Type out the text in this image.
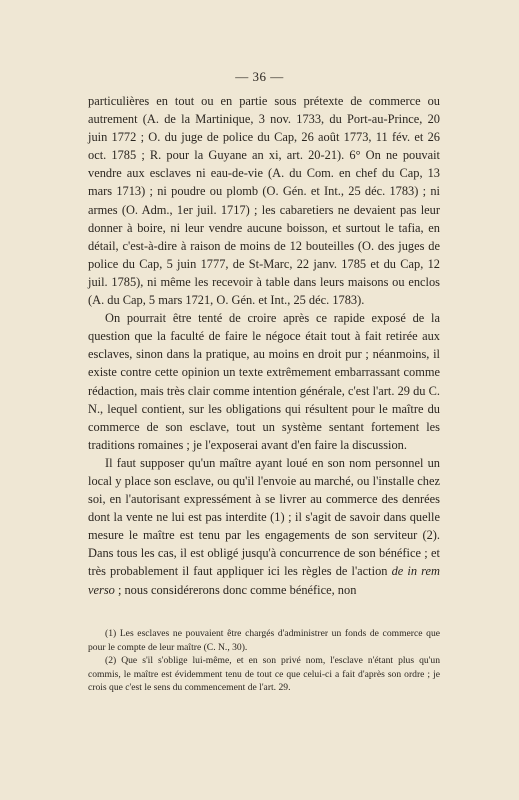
— 36 —

particulières en tout ou en partie sous prétexte de commerce ou autrement (A. de la Martinique, 3 nov. 1733, du Port-au-Prince, 20 juin 1772 ; O. du juge de police du Cap, 26 août 1773, 11 fév. et 26 oct. 1785 ; R. pour la Guyane an xi, art. 20-21). 6° On ne pouvait vendre aux esclaves ni eau-de-vie (A. du Com. en chef du Cap, 13 mars 1713) ; ni poudre ou plomb (O. Gén. et Int., 25 déc. 1783) ; ni armes (O. Adm., 1er juil. 1717) ; les cabaretiers ne devaient pas leur donner à boire, ni leur vendre aucune boisson, et surtout le tafia, en détail, c'est-à-dire à raison de moins de 12 bouteilles (O. des juges de police du Cap, 5 juin 1777, de St-Marc, 22 janv. 1785 et du Cap, 12 juil. 1785), ni même les recevoir à table dans leurs maisons ou enclos (A. du Cap, 5 mars 1721, O. Gén. et Int., 25 déc. 1783).

On pourrait être tenté de croire après ce rapide exposé de la question que la faculté de faire le négoce était tout à fait retirée aux esclaves, sinon dans la pratique, au moins en droit pur ; néanmoins, il existe contre cette opinion un texte extrêmement embarrassant comme rédaction, mais très clair comme intention générale, c'est l'art. 29 du C. N., lequel contient, sur les obligations qui résultent pour le maître du commerce de son esclave, tout un système sentant fortement les traditions romaines ; je l'exposerai avant d'en faire la discussion.

Il faut supposer qu'un maître ayant loué en son nom personnel un local y place son esclave, ou qu'il l'envoie au marché, ou l'installe chez soi, en l'autorisant expressément à se livrer au commerce des denrées dont la vente ne lui est pas interdite (1) ; il s'agit de savoir dans quelle mesure le maître est tenu par les engagements de son serviteur (2). Dans tous les cas, il est obligé jusqu'à concurrence de son bénéfice ; et très probablement il faut appliquer ici les règles de l'action de in rem verso ; nous considérerons donc comme bénéfice, non

(1) Les esclaves ne pouvaient être chargés d'administrer un fonds de commerce que pour le compte de leur maître (C. N., 30).

(2) Que s'il s'oblige lui-même, et en son privé nom, l'esclave n'étant plus qu'un commis, le maître est évidemment tenu de tout ce que celui-ci a fait d'après son ordre ; je crois que c'est le sens du commencement de l'art. 29.
